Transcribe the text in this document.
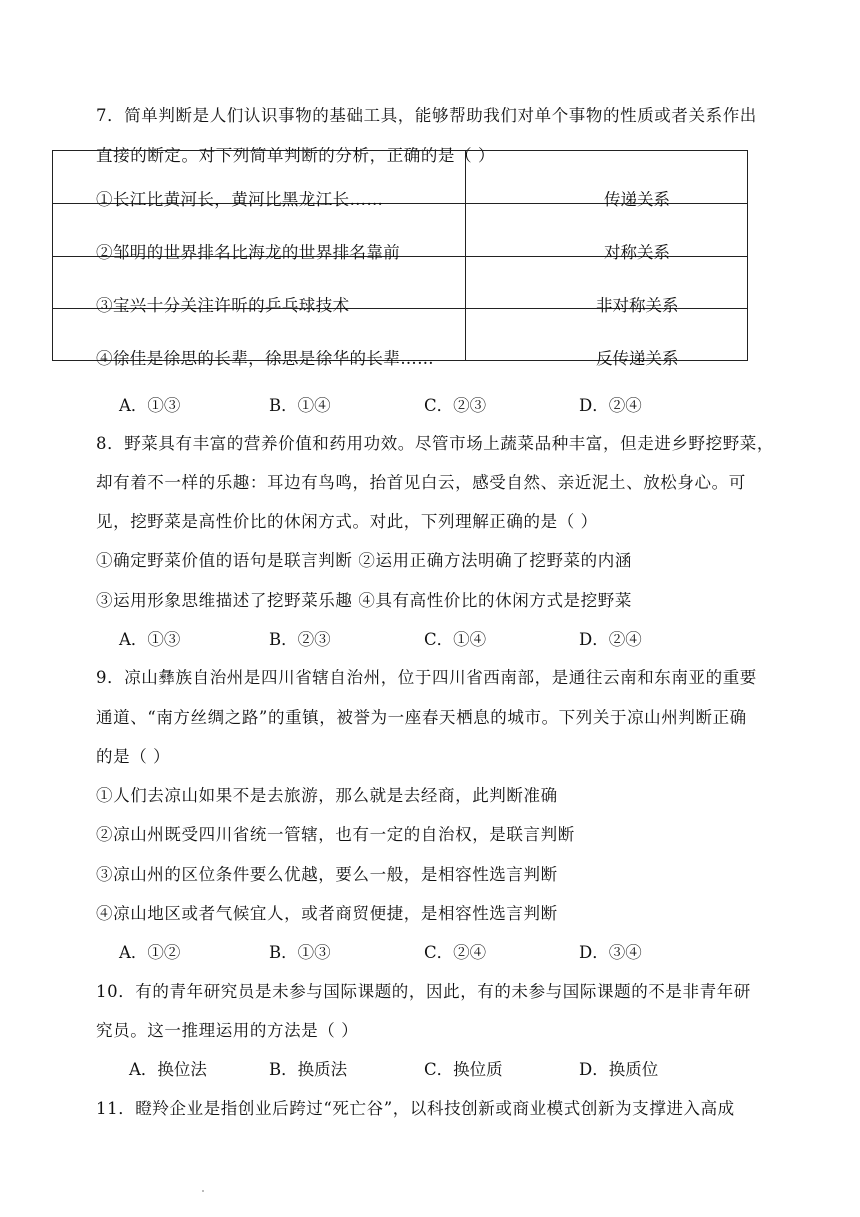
7．简单判断是人们认识事物的基础工具，能够帮助我们对单个事物的性质或者关系作出
直接的断定。对下列简单判断的分析，正确的是（ ）
①长江比黄河长，黄河比黑龙江长……	传递关系
②邹明的世界排名比海龙的世界排名靠前	对称关系
③宝兴十分关注许昕的乒乓球技术	非对称关系
④徐佳是徐思的长辈，徐思是徐华的长辈……	反传递关系
A．①③	B．①④	C．②③	D．②④
8．野菜具有丰富的营养价值和药用功效。尽管市场上蔬菜品种丰富，但走进乡野挖野菜，
却有着不一样的乐趣：耳边有鸟鸣，抬首见白云，感受自然、亲近泥土、放松身心。可
见，挖野菜是高性价比的休闲方式。对此，下列理解正确的是（ ）
①确定野菜价值的语句是联言判断 ②运用正确方法明确了挖野菜的内涵
③运用形象思维描述了挖野菜乐趣 ④具有高性价比的休闲方式是挖野菜
A．①③	B．②③	C．①④	D．②④
9．凉山彝族自治州是四川省辖自治州，位于四川省西南部，是通往云南和东南亚的重要
通道、“南方丝绸之路”的重镇，被誉为一座春天栖息的城市。下列关于凉山州判断正确
的是（ ）
①人们去凉山如果不是去旅游，那么就是去经商，此判断准确
②凉山州既受四川省统一管辖，也有一定的自治权，是联言判断
③凉山州的区位条件要么优越，要么一般，是相容性选言判断
④凉山地区或者气候宜人，或者商贸便捷，是相容性选言判断
A．①②	B．①③	C．②④	D．③④
10．有的青年研究员是未参与国际课题的，因此，有的未参与国际课题的不是非青年研
究员。这一推理运用的方法是（ ）
A．换位法	B．换质法	C．换位质	D．换质位
11．瞪羚企业是指创业后跨过“死亡谷”，以科技创新或商业模式创新为支撑进入高成
